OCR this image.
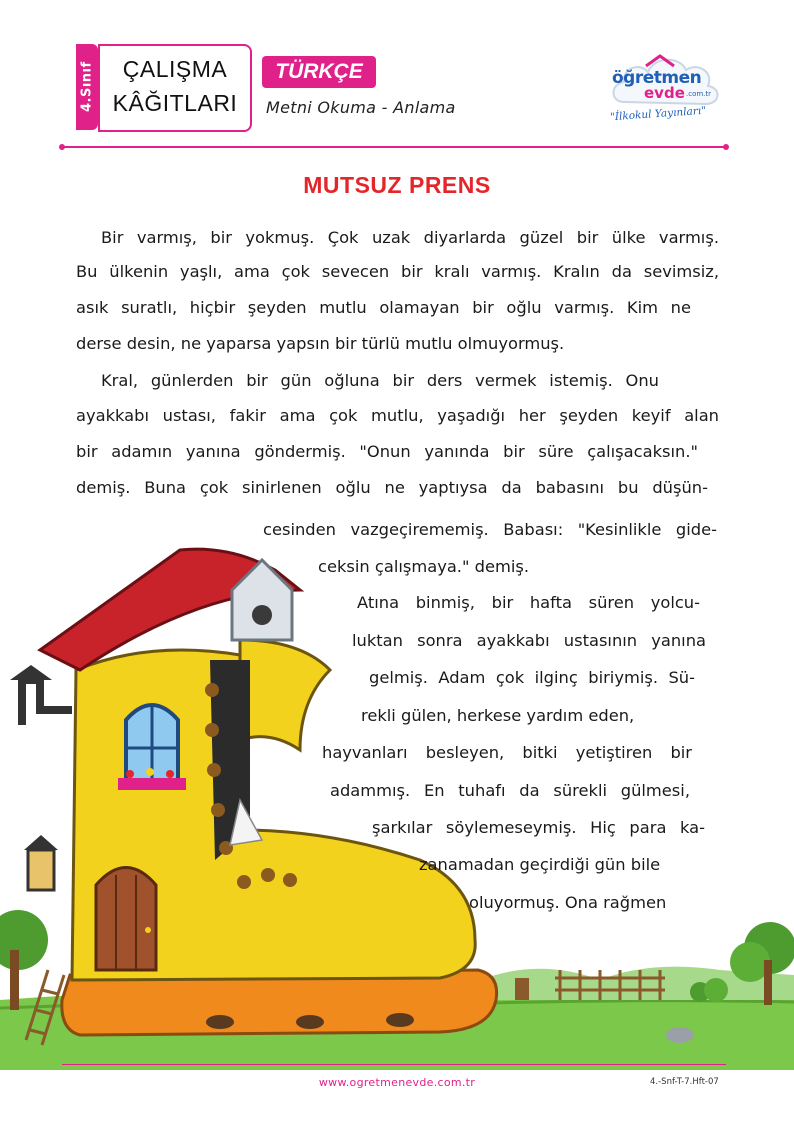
4.Sınıf	ÇALIŞMA
KÂĞITLARI
TÜRKÇE
Metni Okuma - Anlama
öğretmen
evde .com.tr
"İlkokul Yayınları"
MUTSUZ PRENS
Bir varmış, bir yokmuş. Çok uzak diyarlarda güzel bir ülke varmış.
Bu ülkenin yaşlı, ama çok sevecen bir kralı varmış. Kralın da sevimsiz,
asık suratlı, hiçbir şeyden mutlu olamayan bir oğlu varmış. Kim ne
derse desin, ne yaparsa yapsın bir türlü mutlu olmuyormuş.
Kral, günlerden bir gün oğluna bir ders vermek istemiş. Onu
ayakkabı ustası, fakir ama çok mutlu, yaşadığı her şeyden keyif alan
bir adamın yanına göndermiş. "Onun yanında bir süre çalışacaksın."
demiş. Buna çok sinirlenen oğlu ne yaptıysa da babasını bu düşün-
cesinden vazgeçirememiş. Babası: "Kesinlikle gide-
ceksin çalışmaya." demiş.
Atına binmiş, bir hafta süren yolcu-
luktan sonra ayakkabı ustasının yanına
gelmiş. Adam çok ilginç biriymiş. Sü-
rekli gülen, herkese yardım eden,
hayvanları besleyen, bitki yetiştiren bir
adammış. En tuhafı da sürekli gülmesi,
şarkılar söylemeseymiş. Hiç para ka-
zanamadan geçirdiği gün bile
oluyormuş. Ona rağmen
www.ogretmenevde.com.tr	4.-Snf-T-7.Hft-07
